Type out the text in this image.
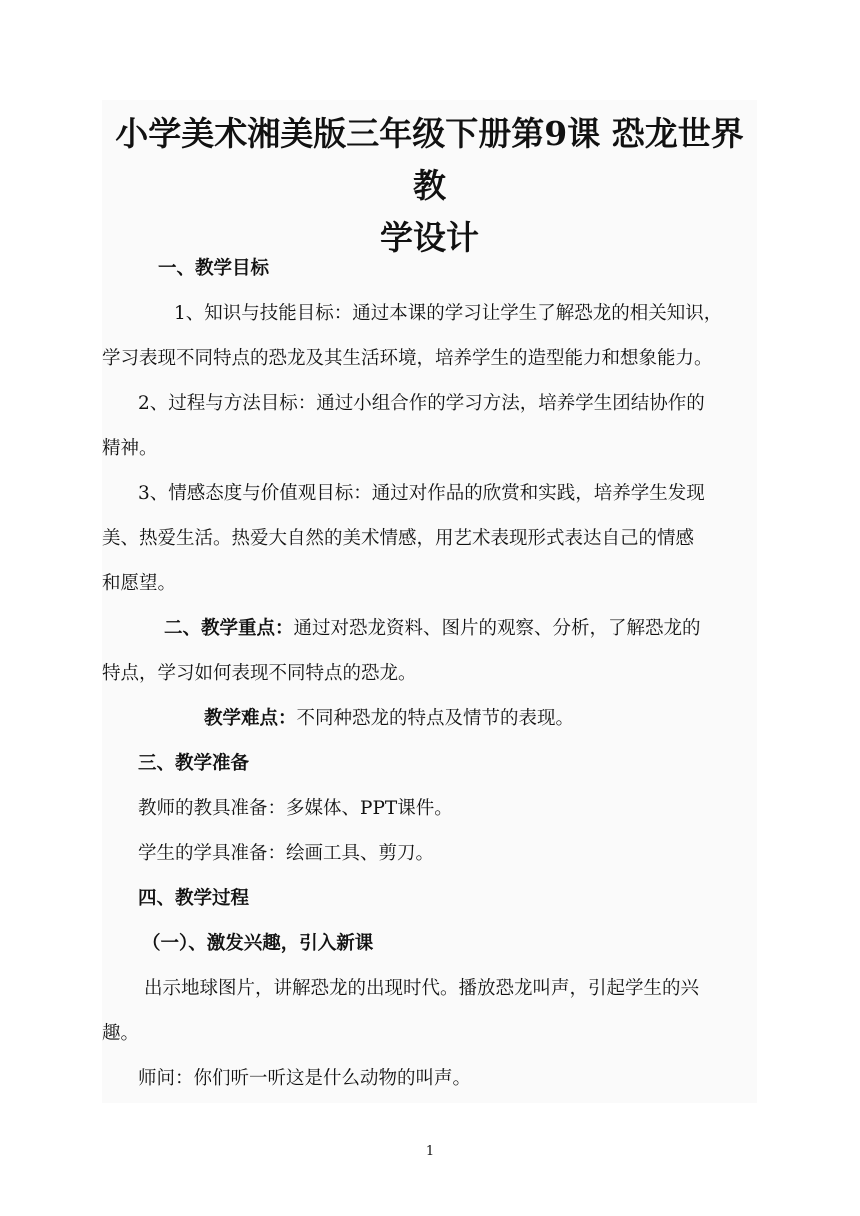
小学美术湘美版三年级下册第9课 恐龙世界教
学设计
一、教学目标
1、知识与技能目标：通过本课的学习让学生了解恐龙的相关知识，
学习表现不同特点的恐龙及其生活环境，培养学生的造型能力和想象能力。
2、过程与方法目标：通过小组合作的学习方法，培养学生团结协作的
精神。
3、情感态度与价值观目标：通过对作品的欣赏和实践，培养学生发现
美、热爱生活。热爱大自然的美术情感，用艺术表现形式表达自己的情感
和愿望。
二、教学重点：通过对恐龙资料、图片的观察、分析，了解恐龙的
特点，学习如何表现不同特点的恐龙。
教学难点：不同种恐龙的特点及情节的表现。
三、教学准备
教师的教具准备：多媒体、PPT课件。
学生的学具准备：绘画工具、剪刀。
四、教学过程
（一）、激发兴趣，引入新课
出示地球图片，讲解恐龙的出现时代。播放恐龙叫声，引起学生的兴
趣。
师问：你们听一听这是什么动物的叫声。
1
